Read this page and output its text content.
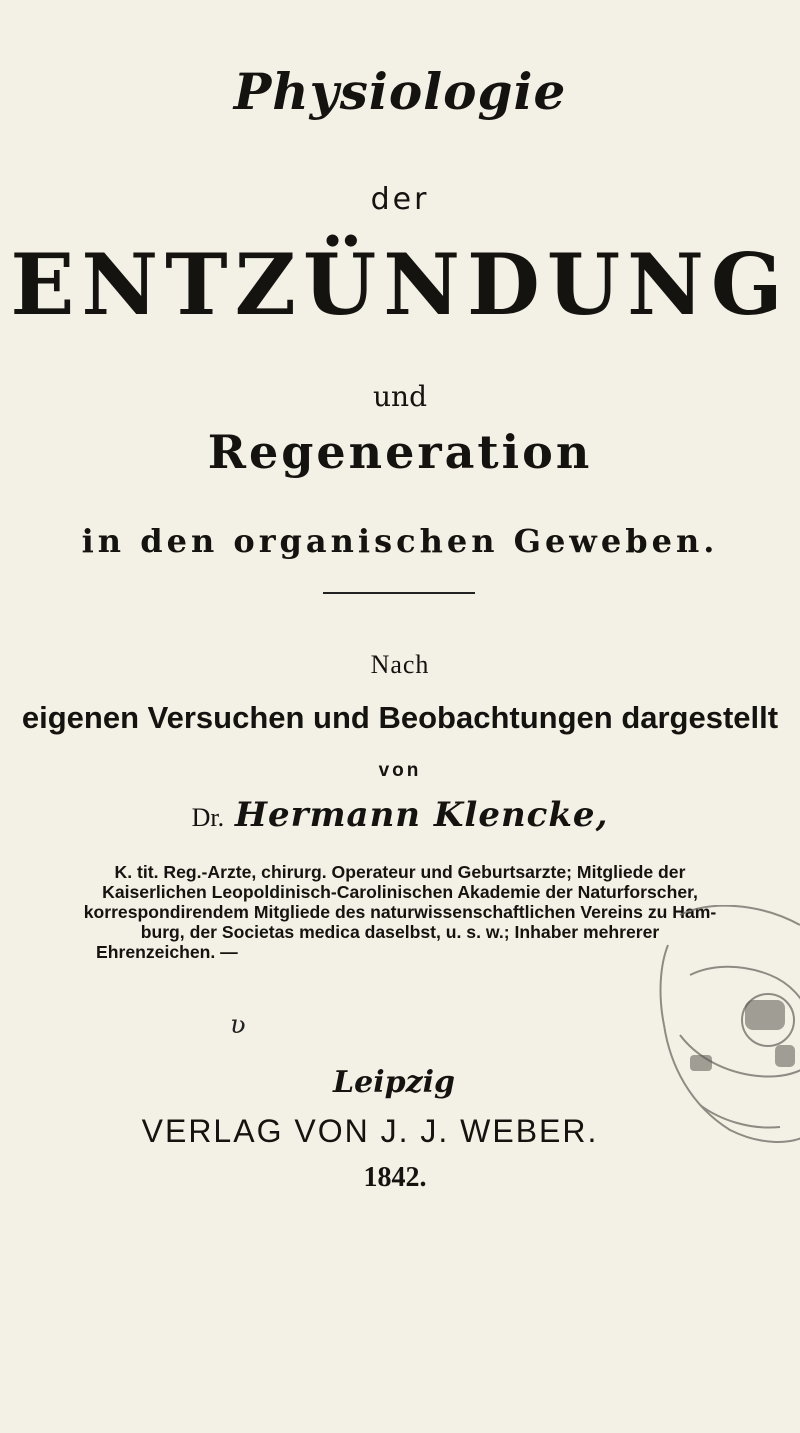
Physiologie
der
ENTZÜNDUNG
und
Regeneration
in den organischen Geweben.
Nach
eigenen Versuchen und Beobachtungen dargestellt
von
Dr. Hermann Klencke,
K. tit. Reg.-Arzte, chirurg. Operateur und Geburtsarzte; Mitgliede der
Kaiserlichen Leopoldinisch-Carolinischen Akademie der Naturforscher,
korrespondirendem Mitgliede des naturwissenschaftlichen Vereins zu Ham-
burg, der Societas medica daselbst, u. s. w.; Inhaber mehrerer
Ehrenzeichen. —
ʋ
Leipzig
VERLAG VON J. J. WEBER.
1842.
